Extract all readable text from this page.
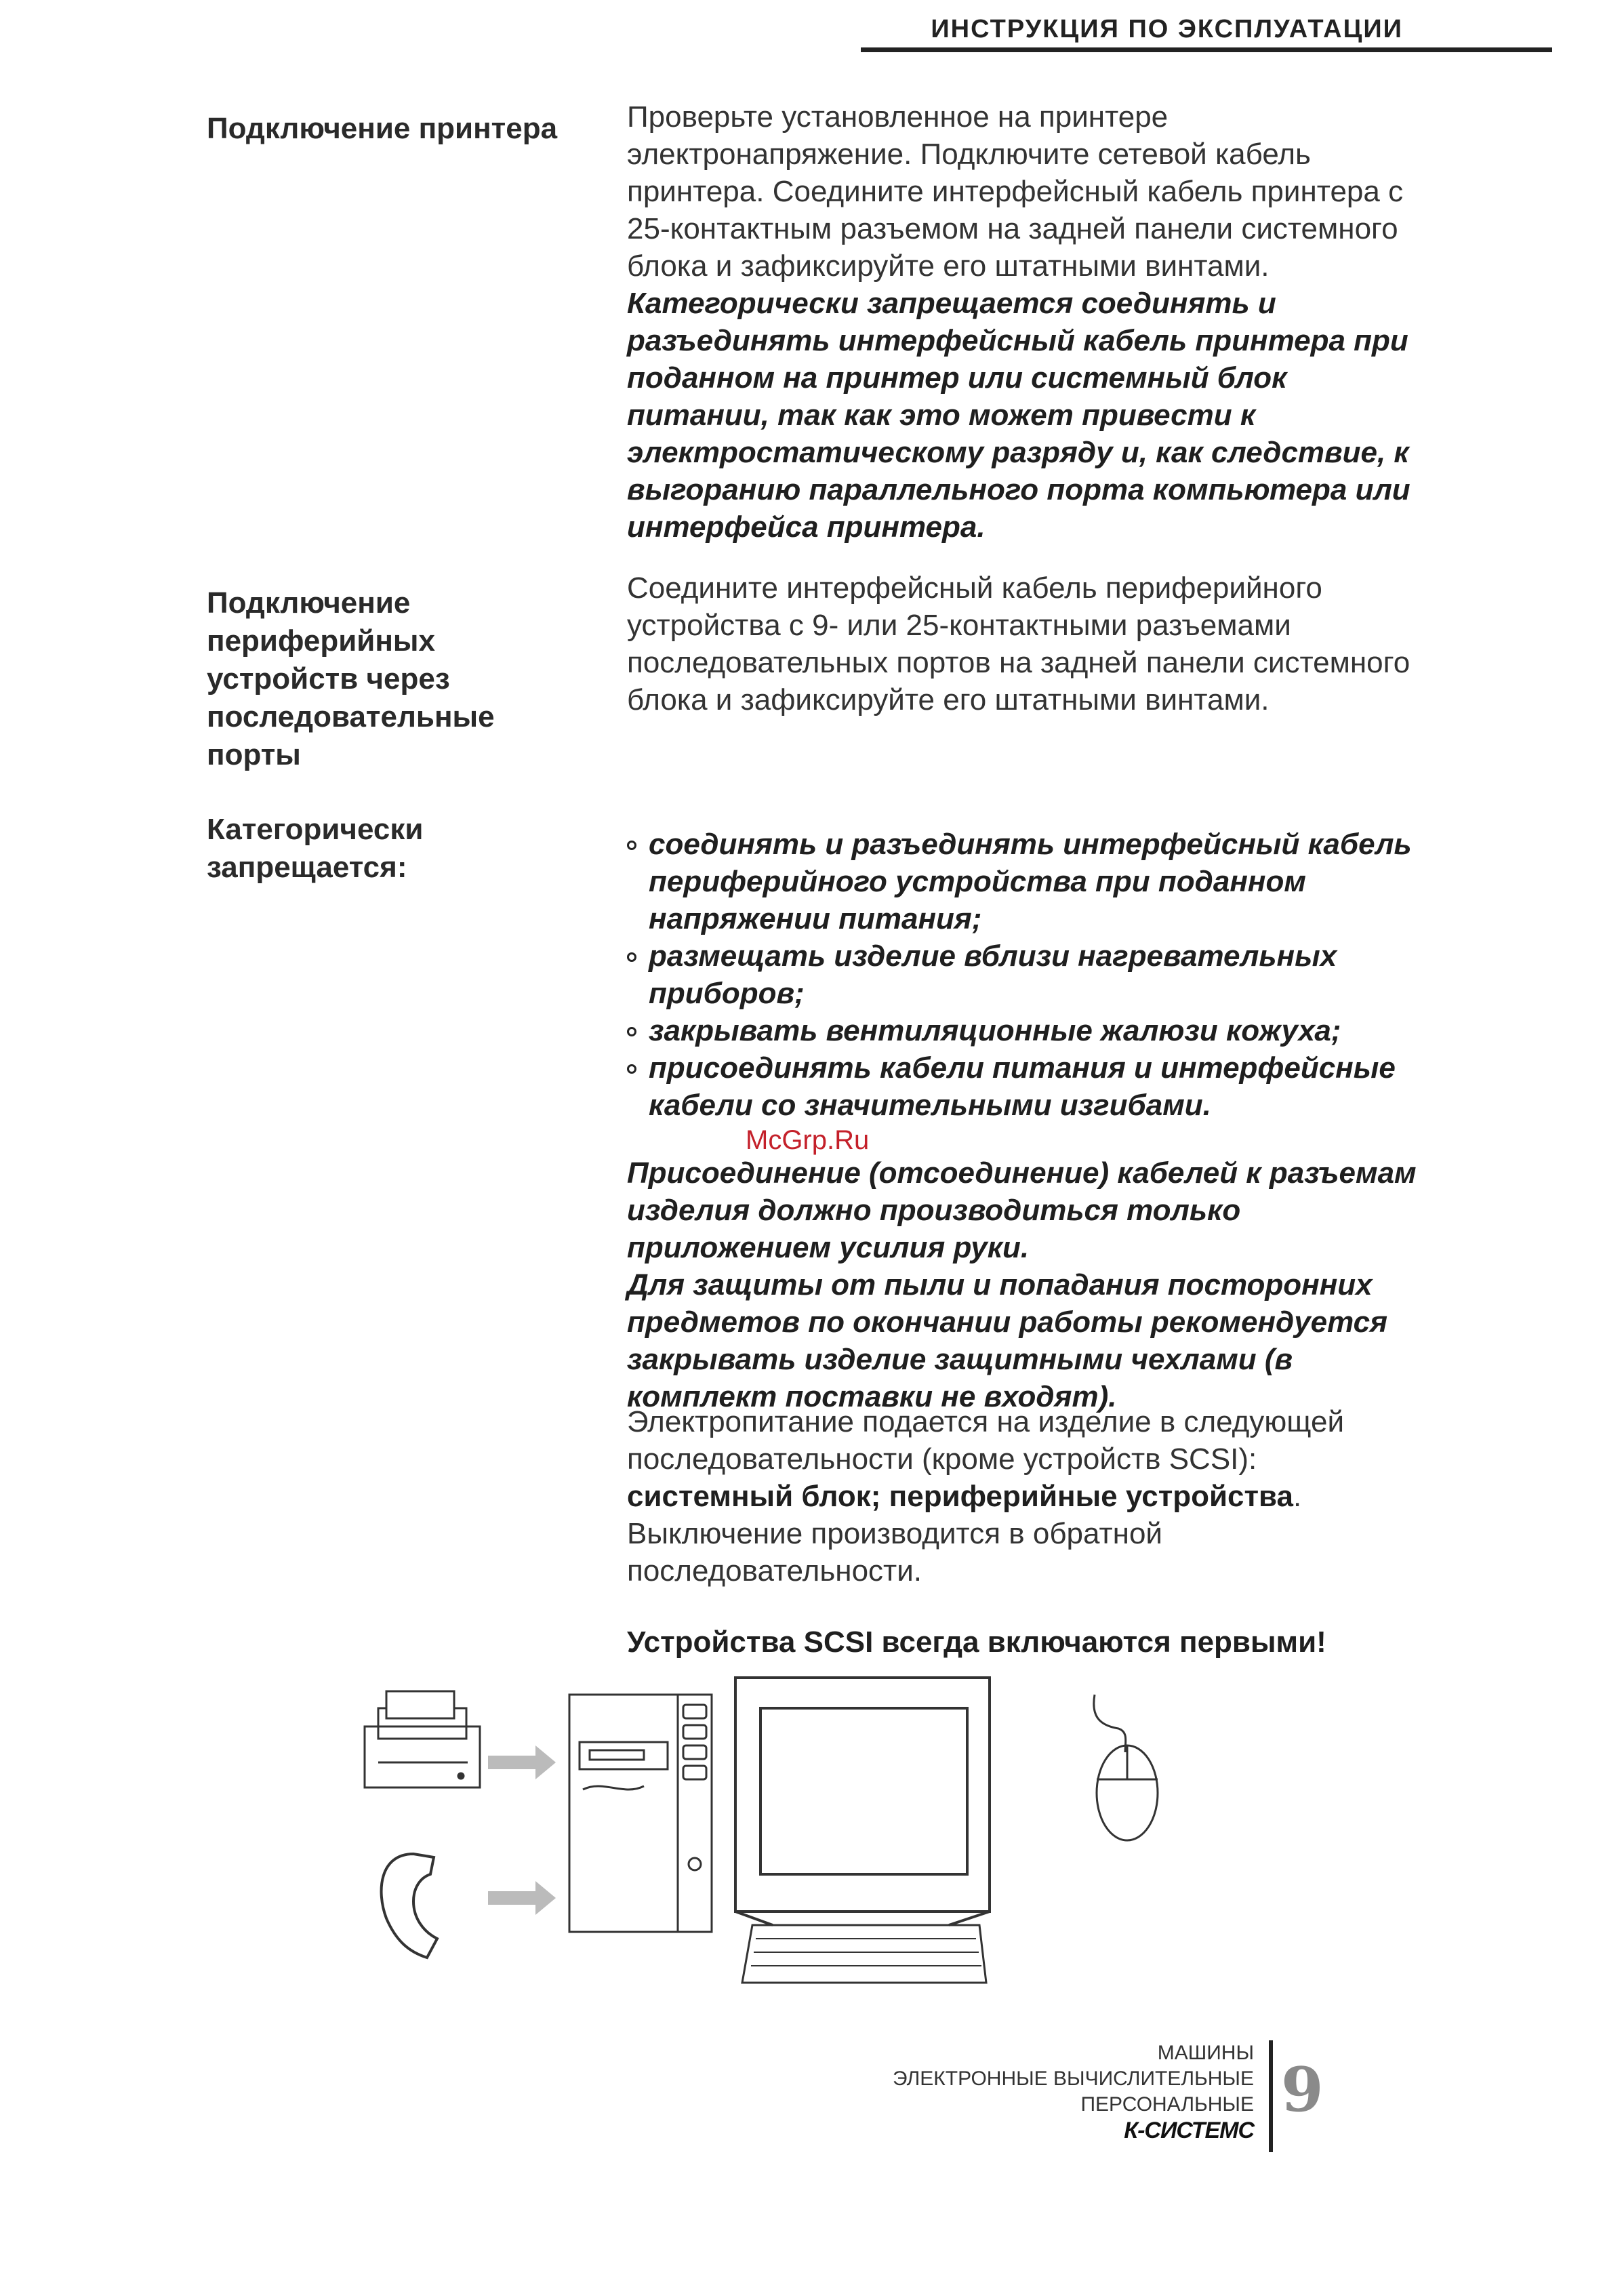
ИНСТРУКЦИЯ ПО ЭКСПЛУАТАЦИИ
Подключение принтера	Проверьте установленное на принтере электронапряжение. Подключите сетевой кабель принтера. Соедините интерфейсный кабель принтера с 25-контактным разъемом на задней панели системного блока и зафиксируйте его штатными винтами.

Категорически запрещается соединять и разъединять интерфейсный кабель принтера при поданном на принтер или системный блок питании, так как это может привести к электростатическому разряду и, как следствие, к выгоранию параллельного порта компьютера или интерфейса принтера.

Подключение периферийных устройств через последовательные порты

Соедините интерфейсный кабель периферийного устройства с 9- или 25-контактными разъемами последовательных портов на задней панели системного блока и зафиксируйте его штатными винтами.

Категорически запрещается:
соединять и разъединять интерфейсный кабель периферийного устройства при поданном напряжении питания;
размещать изделие вблизи нагревательных приборов;
закрывать вентиляционные жалюзи кожуха;
присоединять кабели питания и интерфейсные кабели со значительными изгибами.

Присоединение (отсоединение) кабелей к разъемам изделия должно производиться только приложением усилия руки.

Для защиты от пыли и попадания посторонних предметов по окончании работы рекомендуется закрывать изделие защитными чехлами (в комплект поставки не входят).

McGrp.Ru

Электропитание подается на изделие в следующей последовательности (кроме устройств SCSI): системный блок; периферийные устройства. Выключение производится в обратной последовательности.

Устройства SCSI всегда включаются первыми!

МАШИНЫ
ЭЛЕКТРОННЫЕ ВЫЧИСЛИТЕЛЬНЫЕ
ПЕРСОНАЛЬНЫЕ
К-СИСТЕМС
9
